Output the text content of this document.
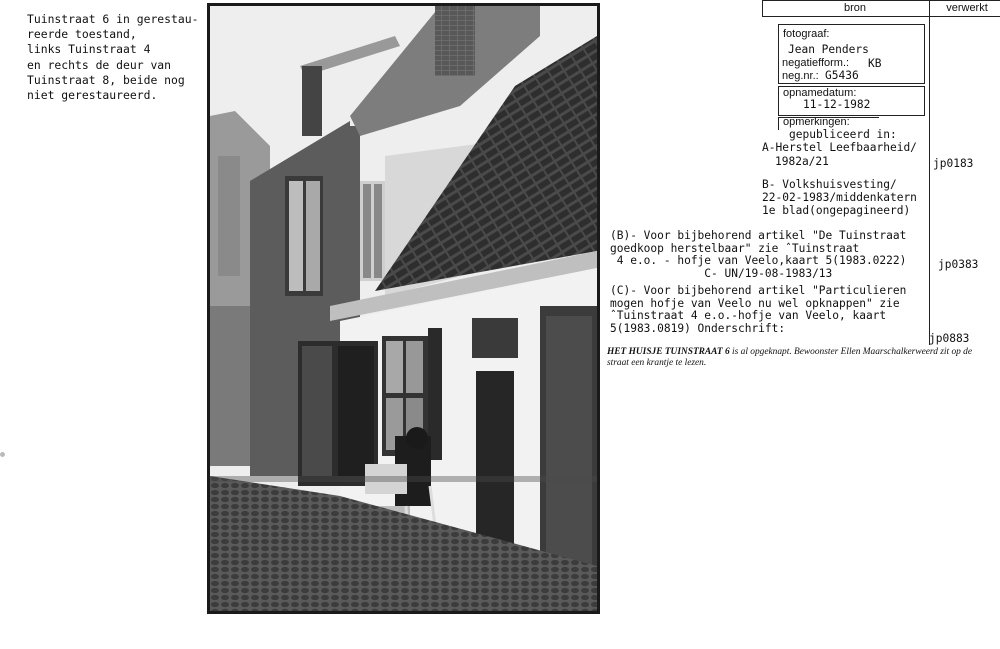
Tuinstraat 6 in gerestau-
reerde toestand,
links Tuinstraat 4
en rechts de deur van
Tuinstraat 8, beide nog
niet gerestaureerd.
bron	verwerkt
fotograaf:
Jean Penders
negatiefform.: KB
neg.nr.: G5436
opnamedatum:
11-12-1982
opmerkingen:
gepubliceerd in:
A-Herstel Leefbaarheid/
1982a/21
B- Volkshuisvesting/
22-02-1983/middenkatern
1e blad(ongepagineerd)
jp0183
jp0383
jp0883
(B)- Voor bijbehorend artikel "De Tuinstraat
goedkoop herstelbaar" zie ˆTuinstraat
4 e.o. - hofje van Veelo,kaart 5(1983.0222)
C- UN/19-08-1983/13
(C)- Voor bijbehorend artikel "Particulieren
mogen hofje van Veelo nu wel opknappen" zie
ˆTuinstraat 4 e.o.-hofje van Veelo, kaart
5(1983.0819) Onderschrift:
HET HUISJE TUINSTRAAT 6 is al opgeknapt. Bewoonster Ellen Maarschalkerweerd zit op de straat een krantje te lezen.
